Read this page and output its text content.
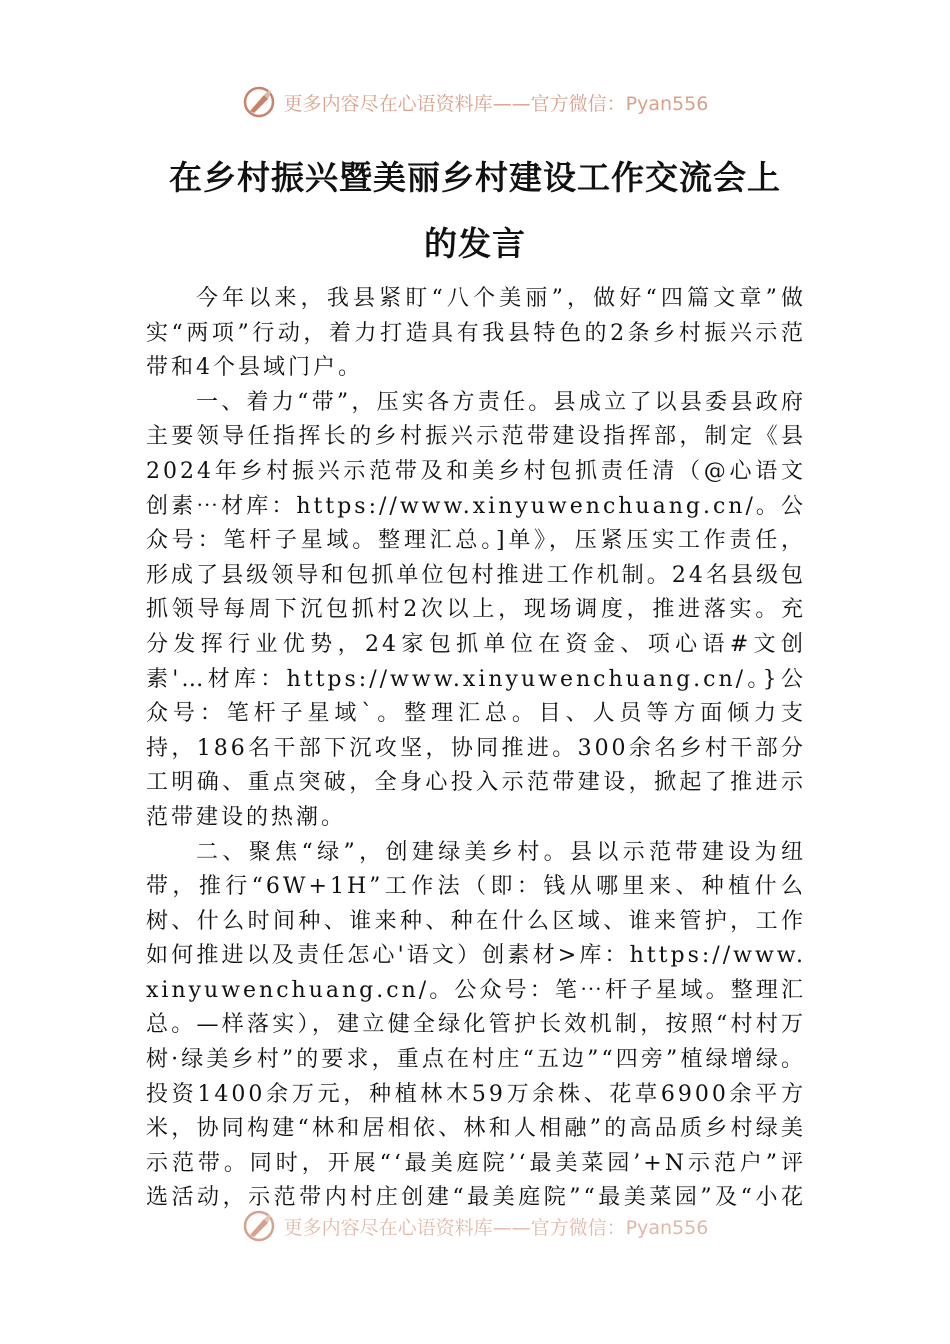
更多内容尽在心语资料库——官方微信：Pyan556
在乡村振兴暨美丽乡村建设工作交流会上
的发言

今年以来，我县紧盯“八个美丽”，做好“四篇文章”做实“两项”行动，着力打造具有我县特色的2条乡村振兴示范带和4个县域门户。

一、着力“带”，压实各方责任。县成立了以县委县政府主要领导任指挥长的乡村振兴示范带建设指挥部，制定《县2024年乡村振兴示范带及和美乡村包抓责任清（@心语文创素⋯材库：https://www.xinyuwenchuang.cn/。公众号：笔杆子星域。整理汇总。]单》，压紧压实工作责任，形成了县级领导和包抓单位包村推进工作机制。24名县级包抓领导每周下沉包抓村2次以上，现场调度，推进落实。充分发挥行业优势，24家包抓单位在资金、项心语#文创素'…材库：https://www.xinyuwenchuang.cn/。}公众号：笔杆子星域`。整理汇总。目、人员等方面倾力支持，186名干部下沉攻坚，协同推进。300余名乡村干部分工明确、重点突破，全身心投入示范带建设，掀起了推进示范带建设的热潮。

二、聚焦“绿”，创建绿美乡村。县以示范带建设为纽带，推行“6W+1H”工作法（即：钱从哪里来、种植什么树、什么时间种、谁来种、种在什么区域、谁来管护，工作如何推进以及责任怎心'语文）创素材>库：https://www.xinyuwenchuang.cn/。公众号：笔⋯杆子星域。整理汇总。—样落实），建立健全绿化管护长效机制，按照“村村万树·绿美乡村”的要求，重点在村庄“五边”“四旁”植绿增绿。投资1400余万元，种植林木59万余株、花草6900余平方米，协同构建“林和居相依、林和人相融”的高品质乡村绿美示范带。同时，开展“‘最美庭院’‘最美菜园’+N示范户”评选活动，示范带内村庄创建“最美庭院”“最美菜园”及“小花

更多内容尽在心语资料库——官方微信：Pyan556
